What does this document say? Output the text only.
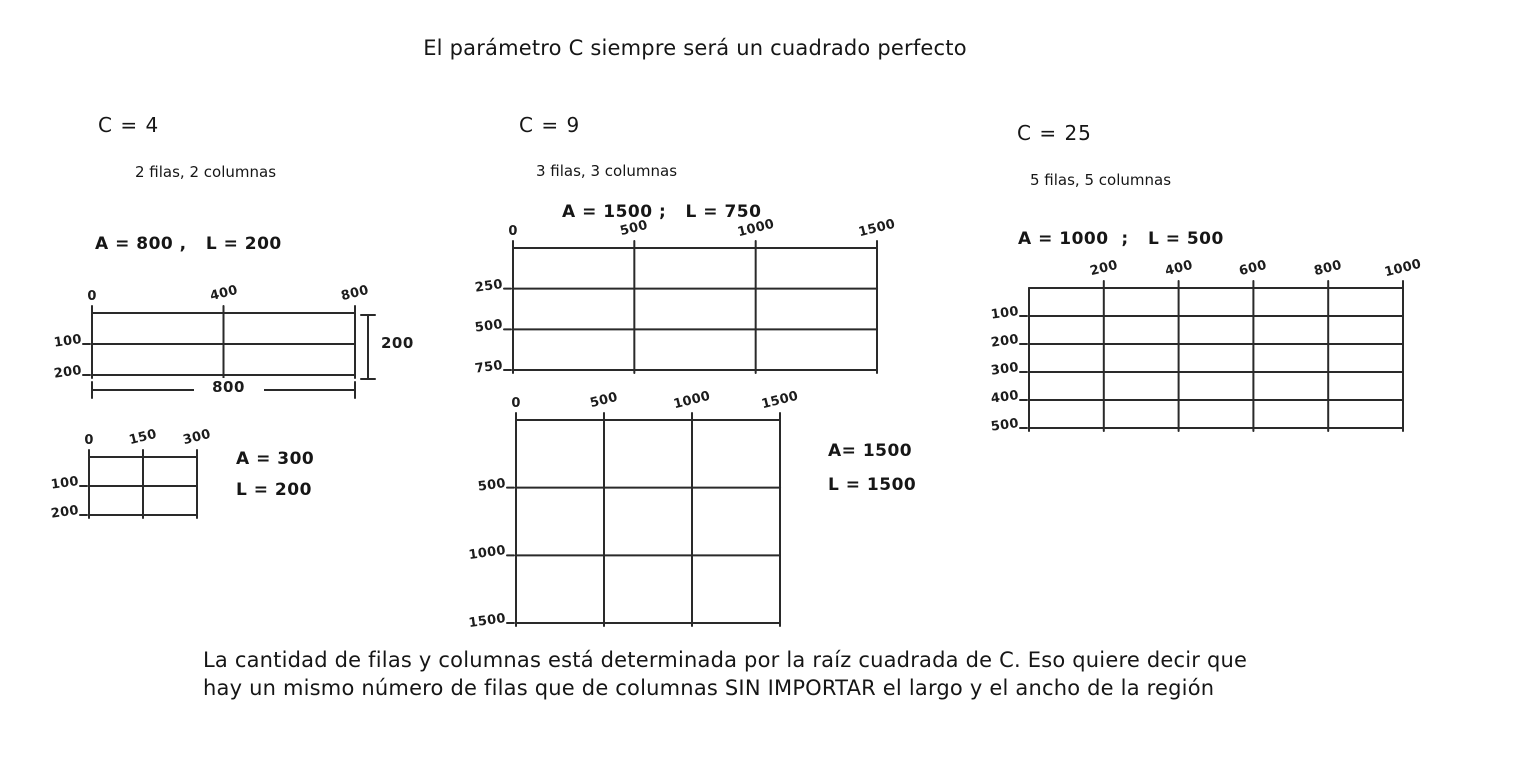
El parámetro C siempre será un cuadrado perfecto
C = 4
2 filas, 2 columnas
A = 800 ,   L = 200
A = 300
L = 200
C = 9
3 filas, 3 columnas
A = 1500 ;   L = 750
A= 1500
L = 1500
C = 25
5 filas, 5 columnas
A = 1000  ;   L = 500
0	400	800
100
200
800
200
0	150	300
100
200
0	500	1000	1500
250
500
750
0	500	1000	1500
500
1000
1500
200	400	600	800	1000
100
200
300
400
500
La cantidad de filas y columnas está determinada por la raíz cuadrada de C. Eso quiere decir que
hay un mismo número de filas que de columnas SIN IMPORTAR el largo y el ancho de la región
